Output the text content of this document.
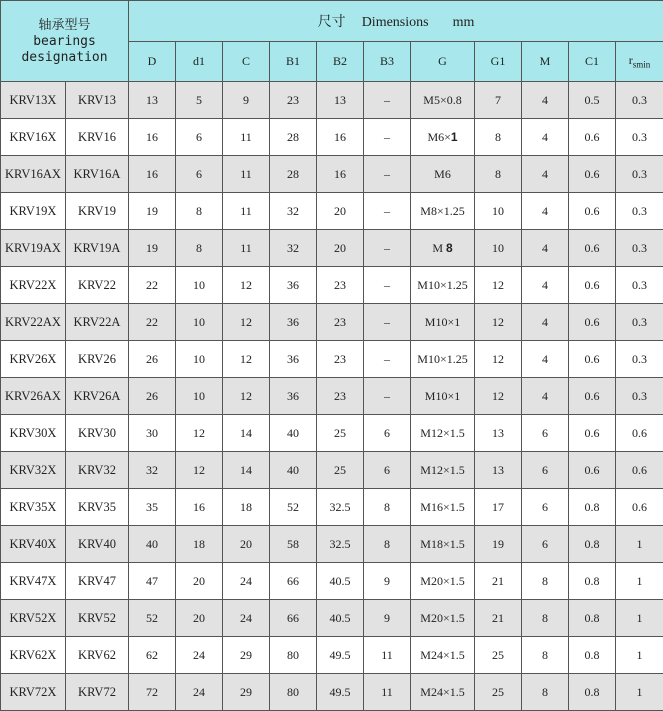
轴承型号
bearings
designation		尺寸 Dimensions mm										
		D	d1	C	B1	B2	B3	G	G1	M	C1	$r_{smin}$
KRV13X	KRV13	13	5	9	23	13	–	M5×0.8	7	4	0.5	0.3
KRV16X	KRV16	16	6	11	28	16	–	M6×1	8	4	0.6	0.3
KRV16AX	KRV16A	16	6	11	28	16	–	M6	8	4	0.6	0.3
KRV19X	KRV19	19	8	11	32	20	–	M8×1.25	10	4	0.6	0.3
KRV19AX	KRV19A	19	8	11	32	20	–	M 8	10	4	0.6	0.3
KRV22X	KRV22	22	10	12	36	23	–	M10×1.25	12	4	0.6	0.3
KRV22AX	KRV22A	22	10	12	36	23	–	M10×1	12	4	0.6	0.3
KRV26X	KRV26	26	10	12	36	23	–	M10×1.25	12	4	0.6	0.3
KRV26AX	KRV26A	26	10	12	36	23	–	M10×1	12	4	0.6	0.3
KRV30X	KRV30	30	12	14	40	25	6	M12×1.5	13	6	0.6	0.6
KRV32X	KRV32	32	12	14	40	25	6	M12×1.5	13	6	0.6	0.6
KRV35X	KRV35	35	16	18	52	32.5	8	M16×1.5	17	6	0.8	0.6
KRV40X	KRV40	40	18	20	58	32.5	8	M18×1.5	19	6	0.8	1
KRV47X	KRV47	47	20	24	66	40.5	9	M20×1.5	21	8	0.8	1
KRV52X	KRV52	52	20	24	66	40.5	9	M20×1.5	21	8	0.8	1
KRV62X	KRV62	62	24	29	80	49.5	11	M24×1.5	25	8	0.8	1
KRV72X	KRV72	72	24	29	80	49.5	11	M24×1.5	25	8	0.8	1
